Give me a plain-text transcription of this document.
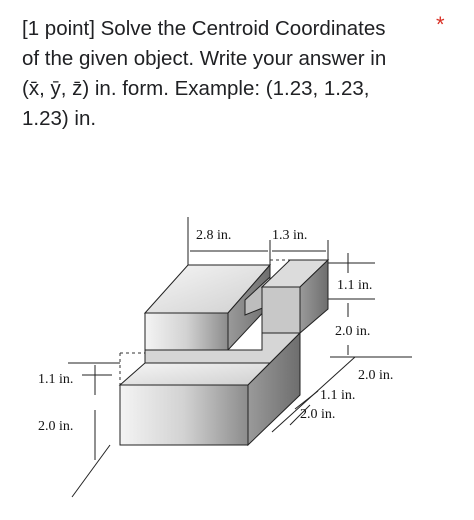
[1 point] Solve the Centroid Coordinates
of the given object. Write your answer in
(x̄, ȳ, z̄) in. form. Example: (1.23, 1.23,
1.23) in.
*
2.8 in.	1.3 in.
1.1 in.
2.0 in.
2.0 in.
1.1 in.
2.0 in.
1.1 in.
2.0 in.
